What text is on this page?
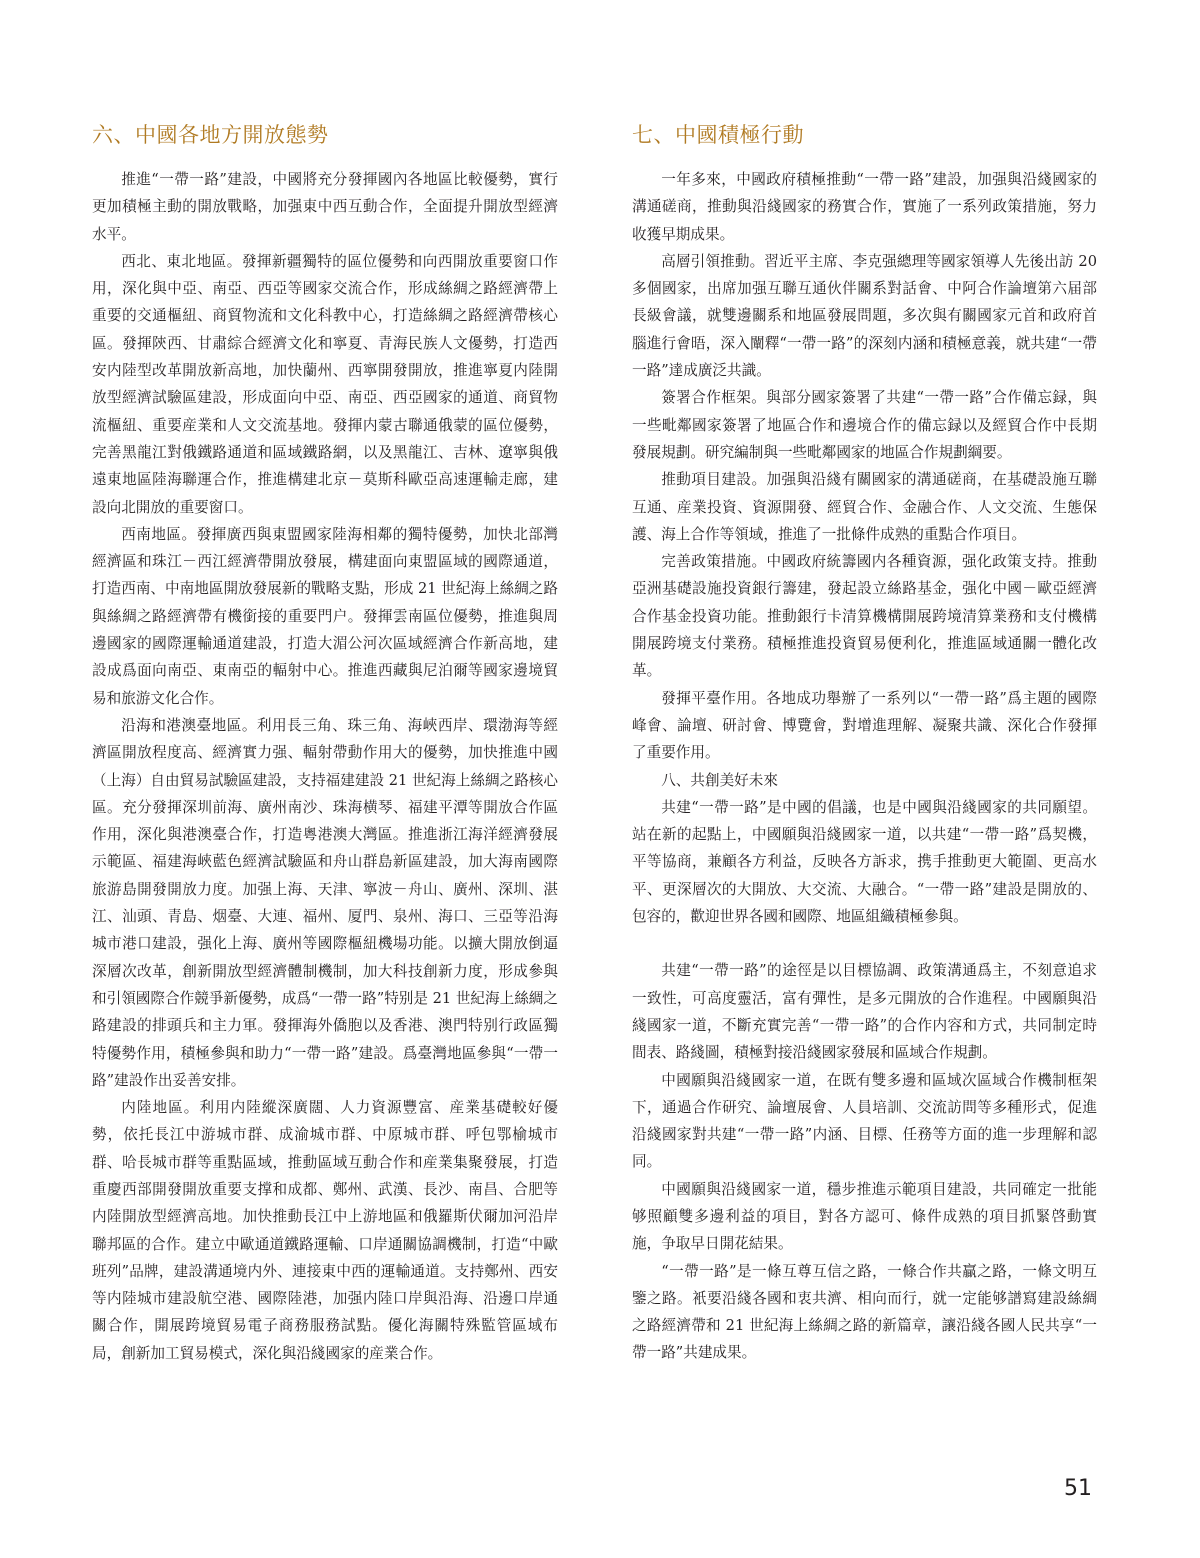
六、中國各地方開放態勢

推進“一帶一路”建設，中國將充分發揮國內各地區比較優勢，實行更加積極主動的開放戰略，加强東中西互動合作，全面提升開放型經濟水平。

西北、東北地區。發揮新疆獨特的區位優勢和向西開放重要窗口作用，深化與中亞、南亞、西亞等國家交流合作，形成絲綢之路經濟帶上重要的交通樞紐、商貿物流和文化科教中心，打造絲綢之路經濟帶核心區。發揮陝西、甘肅綜合經濟文化和寧夏、青海民族人文優勢，打造西安内陸型改革開放新高地，加快蘭州、西寧開發開放，推進寧夏内陸開放型經濟試驗區建設，形成面向中亞、南亞、西亞國家的通道、商貿物流樞紐、重要産業和人文交流基地。發揮内蒙古聯通俄蒙的區位優勢，完善黑龍江對俄鐵路通道和區域鐵路網，以及黑龍江、吉林、遼寧與俄遠東地區陸海聯運合作，推進構建北京－莫斯科歐亞高速運輸走廊，建設向北開放的重要窗口。

西南地區。發揮廣西與東盟國家陸海相鄰的獨特優勢，加快北部灣經濟區和珠江－西江經濟帶開放發展，構建面向東盟區域的國際通道，打造西南、中南地區開放發展新的戰略支點，形成 21 世紀海上絲綢之路與絲綢之路經濟帶有機銜接的重要門户。發揮雲南區位優勢，推進與周邊國家的國際運輸通道建設，打造大湄公河次區域經濟合作新高地，建設成爲面向南亞、東南亞的輻射中心。推進西藏與尼泊爾等國家邊境貿易和旅游文化合作。

沿海和港澳臺地區。利用長三角、珠三角、海峽西岸、環渤海等經濟區開放程度高、經濟實力强、輻射帶動作用大的優勢，加快推進中國（上海）自由貿易試驗區建設，支持福建建設 21 世紀海上絲綢之路核心區。充分發揮深圳前海、廣州南沙、珠海横琴、福建平潭等開放合作區作用，深化與港澳臺合作，打造粵港澳大灣區。推進浙江海洋經濟發展示範區、福建海峽藍色經濟試驗區和舟山群島新區建設，加大海南國際旅游島開發開放力度。加强上海、天津、寧波－舟山、廣州、深圳、湛江、汕頭、青島、烟臺、大連、福州、厦門、泉州、海口、三亞等沿海城市港口建設，强化上海、廣州等國際樞紐機場功能。以擴大開放倒逼深層次改革，創新開放型經濟體制機制，加大科技創新力度，形成參與和引領國際合作競爭新優勢，成爲“一帶一路”特别是 21 世紀海上絲綢之路建設的排頭兵和主力軍。發揮海外僑胞以及香港、澳門特别行政區獨特優勢作用，積極參與和助力“一帶一路”建設。爲臺灣地區參與“一帶一路”建設作出妥善安排。

内陸地區。利用内陸縱深廣闊、人力資源豐富、産業基礎較好優勢，依托長江中游城市群、成渝城市群、中原城市群、呼包鄂榆城市群、哈長城市群等重點區域，推動區域互動合作和産業集聚發展，打造重慶西部開發開放重要支撑和成都、鄭州、武漢、長沙、南昌、合肥等内陸開放型經濟高地。加快推動長江中上游地區和俄羅斯伏爾加河沿岸聯邦區的合作。建立中歐通道鐵路運輸、口岸通關協調機制，打造“中歐班列”品牌，建設溝通境内外、連接東中西的運輸通道。支持鄭州、西安等内陸城市建設航空港、國際陸港，加强内陸口岸與沿海、沿邊口岸通關合作，開展跨境貿易電子商務服務試點。優化海關特殊監管區域布局，創新加工貿易模式，深化與沿綫國家的産業合作。

七、中國積極行動

一年多來，中國政府積極推動“一帶一路”建設，加强與沿綫國家的溝通磋商，推動與沿綫國家的務實合作，實施了一系列政策措施，努力收獲早期成果。

高層引領推動。習近平主席、李克强總理等國家領導人先後出訪 20 多個國家，出席加强互聯互通伙伴關系對話會、中阿合作論壇第六届部長級會議，就雙邊關系和地區發展問題，多次與有關國家元首和政府首腦進行會晤，深入闡釋“一帶一路”的深刻内涵和積極意義，就共建“一帶一路”達成廣泛共識。

簽署合作框架。與部分國家簽署了共建“一帶一路”合作備忘録，與一些毗鄰國家簽署了地區合作和邊境合作的備忘録以及經貿合作中長期發展規劃。研究編制與一些毗鄰國家的地區合作規劃綱要。

推動項目建設。加强與沿綫有關國家的溝通磋商，在基礎設施互聯互通、産業投資、資源開發、經貿合作、金融合作、人文交流、生態保護、海上合作等領域，推進了一批條件成熟的重點合作項目。

完善政策措施。中國政府統籌國内各種資源，强化政策支持。推動亞洲基礎設施投資銀行籌建，發起設立絲路基金，强化中國－歐亞經濟合作基金投資功能。推動銀行卡清算機構開展跨境清算業務和支付機構開展跨境支付業務。積極推進投資貿易便利化，推進區域通關一體化改革。

發揮平臺作用。各地成功舉辦了一系列以“一帶一路”爲主題的國際峰會、論壇、研討會、博覽會，對增進理解、凝聚共識、深化合作發揮了重要作用。

八、共創美好未來

共建“一帶一路”是中國的倡議，也是中國與沿綫國家的共同願望。站在新的起點上，中國願與沿綫國家一道，以共建“一帶一路”爲契機，平等協商，兼顧各方利益，反映各方訴求，携手推動更大範圍、更高水平、更深層次的大開放、大交流、大融合。“一帶一路”建設是開放的、包容的，歡迎世界各國和國際、地區組織積極參與。

共建“一帶一路”的途徑是以目標協調、政策溝通爲主，不刻意追求一致性，可高度靈活，富有彈性，是多元開放的合作進程。中國願與沿綫國家一道，不斷充實完善“一帶一路”的合作内容和方式，共同制定時間表、路綫圖，積極對接沿綫國家發展和區域合作規劃。

中國願與沿綫國家一道，在既有雙多邊和區域次區域合作機制框架下，通過合作研究、論壇展會、人員培訓、交流訪問等多種形式，促進沿綫國家對共建“一帶一路”内涵、目標、任務等方面的進一步理解和認同。

中國願與沿綫國家一道，穩步推進示範項目建設，共同確定一批能够照顧雙多邊利益的項目，對各方認可、條件成熟的項目抓緊啓動實施，争取早日開花結果。

“一帶一路”是一條互尊互信之路，一條合作共贏之路，一條文明互鑒之路。衹要沿綫各國和衷共濟、相向而行，就一定能够譜寫建設絲綢之路經濟帶和 21 世紀海上絲綢之路的新篇章，讓沿綫各國人民共享“一帶一路”共建成果。

51
